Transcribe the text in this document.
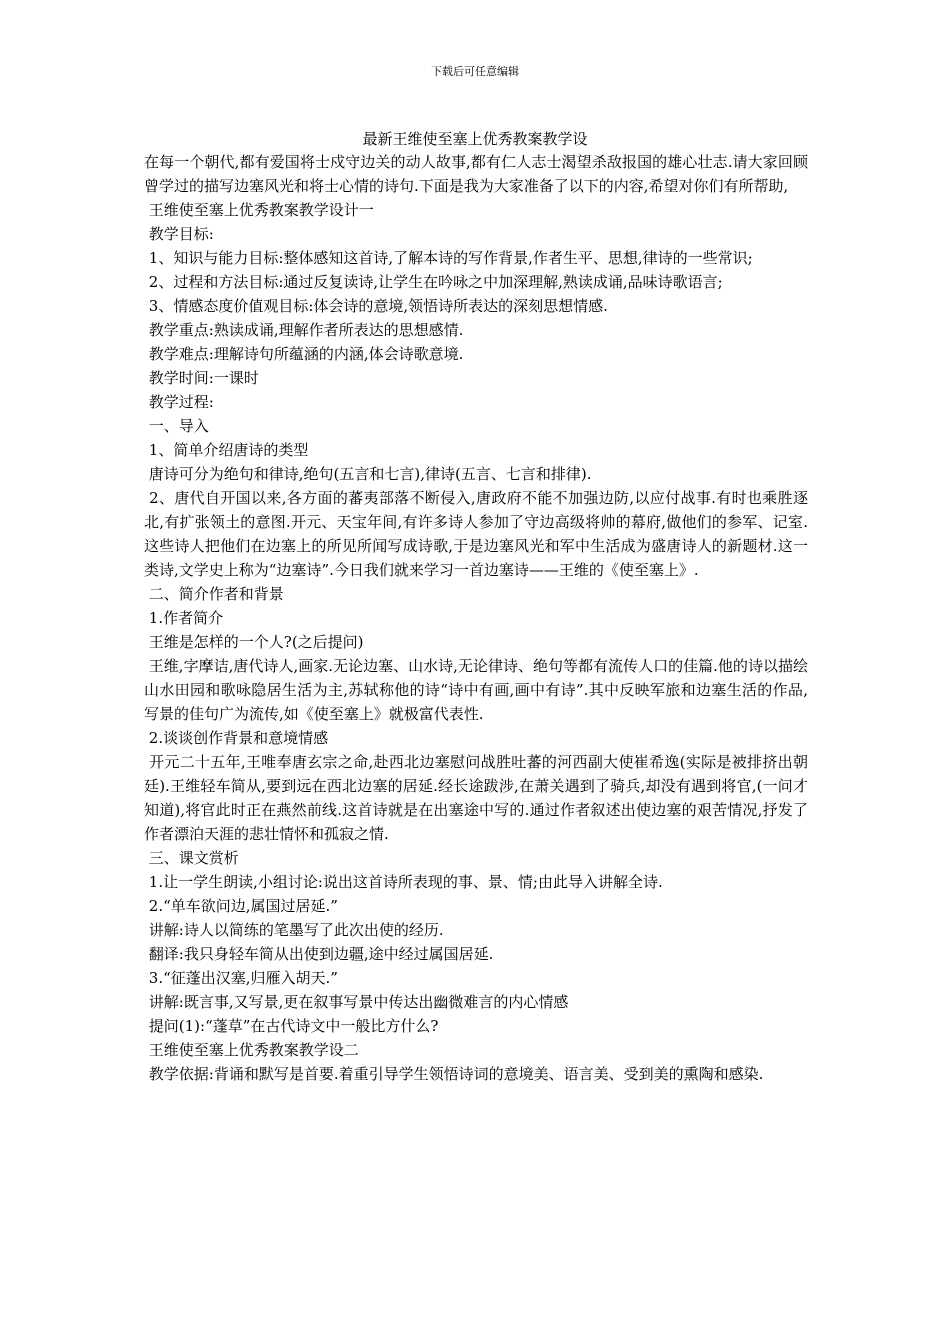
下载后可任意编辑
最新王维使至塞上优秀教案教学设

在每一个朝代,都有爱国将士戍守边关的动人故事,都有仁人志士渴望杀敌报国的雄心壮志.请大家回顾曾学过的描写边塞风光和将士心情的诗句.下面是我为大家准备了以下的内容,希望对你们有所帮助,

王维使至塞上优秀教案教学设计一

教学目标:

1、知识与能力目标:整体感知这首诗,了解本诗的写作背景,作者生平、思想,律诗的一些常识;

2、过程和方法目标:通过反复读诗,让学生在吟咏之中加深理解,熟读成诵,品味诗歌语言;

3、情感态度价值观目标:体会诗的意境,领悟诗所表达的深刻思想情感.

教学重点:熟读成诵,理解作者所表达的思想感情.

教学难点:理解诗句所蕴涵的内涵,体会诗歌意境.

教学时间:一课时

教学过程:

一、导入

1、简单介绍唐诗的类型

唐诗可分为绝句和律诗,绝句(五言和七言),律诗(五言、七言和排律).

2、唐代自开国以来,各方面的蕃夷部落不断侵入,唐政府不能不加强边防,以应付战事.有时也乘胜逐北,有扩张领土的意图.开元、天宝年间,有许多诗人参加了守边高级将帅的幕府,做他们的参军、记室.这些诗人把他们在边塞上的所见所闻写成诗歌,于是边塞风光和军中生活成为盛唐诗人的新题材.这一类诗,文学史上称为“边塞诗”.今日我们就来学习一首边塞诗——王维的《使至塞上》.

二、简介作者和背景

1.作者简介

王维是怎样的一个人?(之后提问)

王维,字摩诘,唐代诗人,画家.无论边塞、山水诗,无论律诗、绝句等都有流传人口的佳篇.他的诗以描绘山水田园和歌咏隐居生活为主,苏轼称他的诗“诗中有画,画中有诗”.其中反映军旅和边塞生活的作品,写景的佳句广为流传,如《使至塞上》就极富代表性.

2.谈谈创作背景和意境情感

开元二十五年,王唯奉唐玄宗之命,赴西北边塞慰问战胜吐蕃的河西副大使崔希逸(实际是被排挤出朝廷).王维轻车简从,要到远在西北边塞的居延.经长途跋涉,在萧关遇到了骑兵,却没有遇到将官,(一问才知道),将官此时正在燕然前线.这首诗就是在出塞途中写的.通过作者叙述出使边塞的艰苦情况,抒发了作者漂泊天涯的悲壮情怀和孤寂之情.

三、课文赏析

1.让一学生朗读,小组讨论:说出这首诗所表现的事、景、情;由此导入讲解全诗.

2.“单车欲问边,属国过居延.”

讲解:诗人以简练的笔墨写了此次出使的经历.

翻译:我只身轻车简从出使到边疆,途中经过属国居延.

3.“征蓬出汉塞,归雁入胡天.”

讲解:既言事,又写景,更在叙事写景中传达出幽微难言的内心情感

提问(1):“蓬草”在古代诗文中一般比方什么?

王维使至塞上优秀教案教学设二

教学依据:背诵和默写是首要.着重引导学生领悟诗词的意境美、语言美、受到美的熏陶和感染.
